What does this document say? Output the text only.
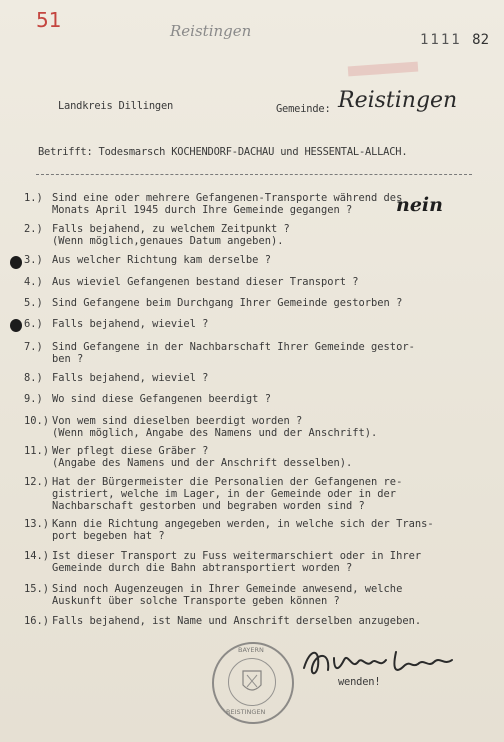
51	Reistingen	1111 82
Landkreis Dillingen	Gemeinde: Reistingen
Betrifft: Todesmarsch KOCHENDORF-DACHAU und HESSENTAL-ALLACH.
1.) Sind eine oder mehrere Gefangenen-Transporte während des
Monats April 1945 durch Ihre Gemeinde gegangen ? nein
2.) Falls bejahend, zu welchem Zeitpunkt ?
(Wenn möglich,genaues Datum angeben).
3.) Aus welcher Richtung kam derselbe ?
4.) Aus wieviel Gefangenen bestand dieser Transport ?
5.) Sind Gefangene beim Durchgang Ihrer Gemeinde gestorben ?
6.) Falls bejahend, wieviel ?
7.) Sind Gefangene in der Nachbarschaft Ihrer Gemeinde gestor-
ben ?
8.) Falls bejahend, wieviel ?
9.) Wo sind diese Gefangenen beerdigt ?
10.) Von wem sind dieselben beerdigt worden ?
(Wenn möglich, Angabe des Namens und der Anschrift).
11.) Wer pflegt diese Gräber ?
(Angabe des Namens und der Anschrift desselben).
12.) Hat der Bürgermeister die Personalien der Gefangenen re-
gistriert, welche im Lager, in der Gemeinde oder in der
Nachbarschaft gestorben und begraben worden sind ?
13.) Kann die Richtung angegeben werden, in welche sich der Trans-
port begeben hat ?
14.) Ist dieser Transport zu Fuss weitermarschiert oder in Ihrer
Gemeinde durch die Bahn abtransportiert worden ?
15.) Sind noch Augenzeugen in Ihrer Gemeinde anwesend, welche
Auskunft über solche Transporte geben können ?
16.) Falls bejahend, ist Name und Anschrift derselben anzugeben.
BAYERN
REISTINGEN
wenden!
